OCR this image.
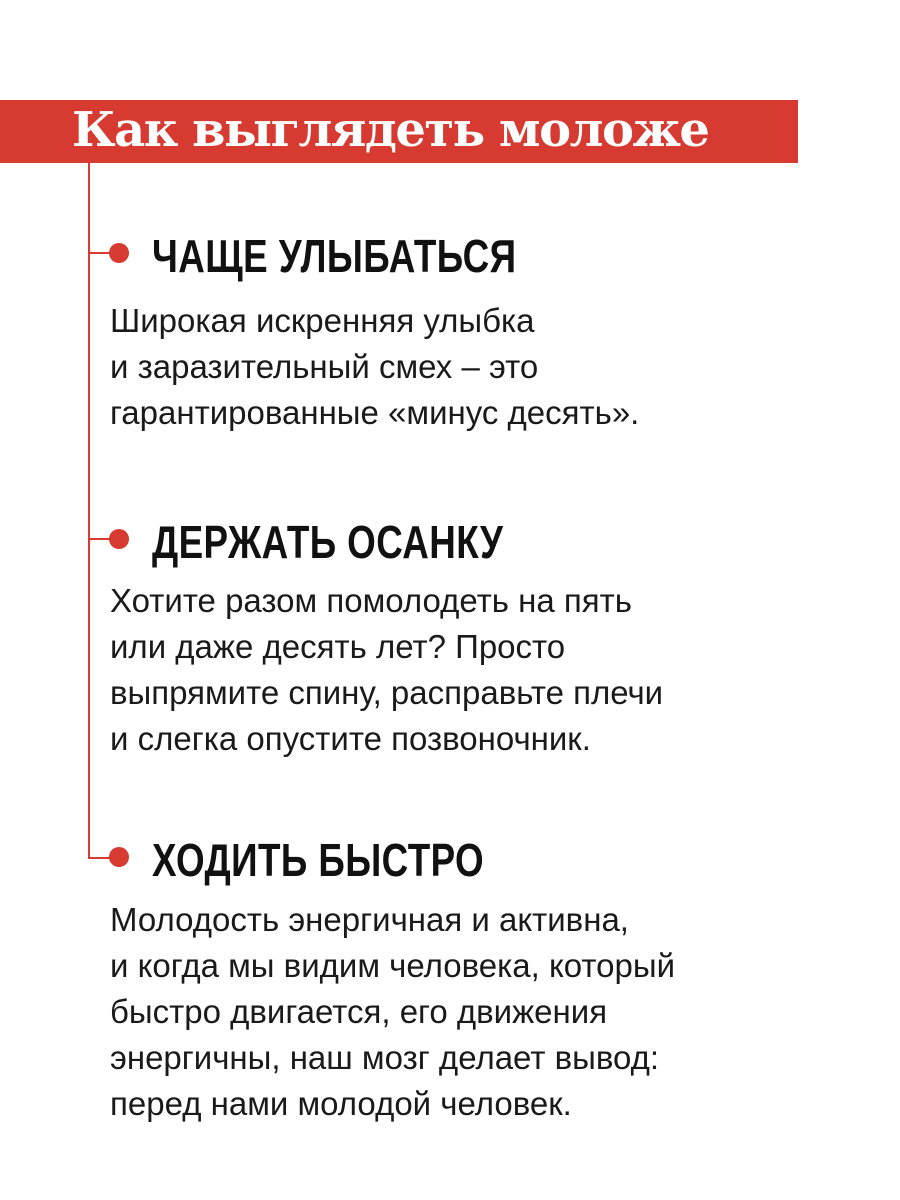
Как выглядеть моложе
ЧАЩЕ УЛЫБАТЬСЯ

Широкая искренняя улыбка
и заразительный смех – это
гарантированные «минус десять».

ДЕРЖАТЬ ОСАНКУ

Хотите разом помолодеть на пять
или даже десять лет? Просто
выпрямите спину, расправьте плечи
и слегка опустите позвоночник.

ХОДИТЬ БЫСТРО

Молодость энергичная и активна,
и когда мы видим человека, который
быстро двигается, его движения
энергичны, наш мозг делает вывод:
перед нами молодой человек.
